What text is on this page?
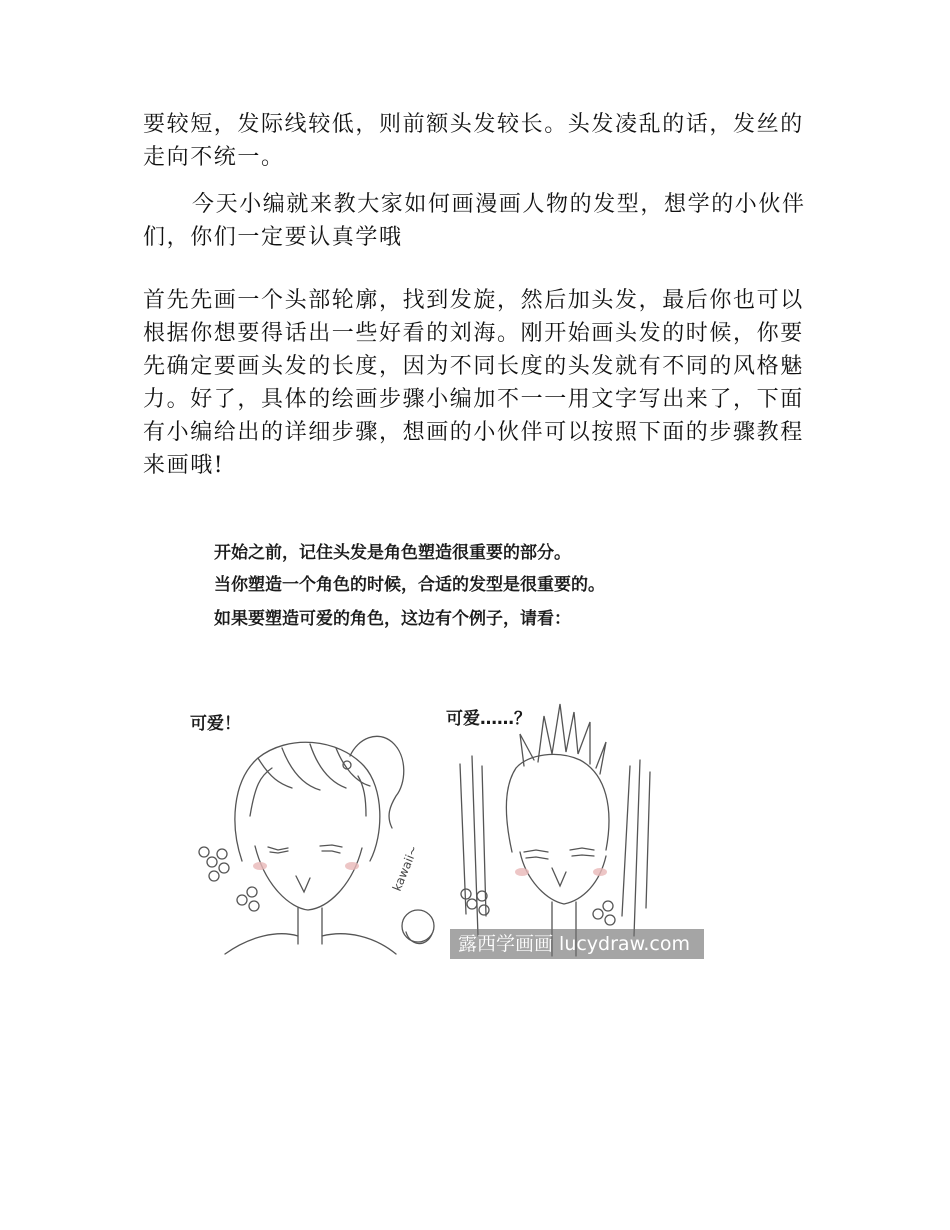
要较短，发际线较低，则前额头发较长。头发凌乱的话，发丝的走向不统一。

今天小编就来教大家如何画漫画人物的发型，想学的小伙伴们，你们一定要认真学哦

首先先画一个头部轮廓，找到发旋，然后加头发，最后你也可以根据你想要得话出一些好看的刘海。刚开始画头发的时候，你要先确定要画头发的长度，因为不同长度的头发就有不同的风格魅力。好了，具体的绘画步骤小编加不一一用文字写出来了，下面有小编给出的详细步骤，想画的小伙伴可以按照下面的步骤教程来画哦!

开始之前，记住头发是角色塑造很重要的部分。
当你塑造一个角色的时候，合适的发型是很重要的。
如果要塑造可爱的角色，这边有个例子，请看：
可爱！	可爱……？
kawaii~
露西学画画 lucydraw.com
